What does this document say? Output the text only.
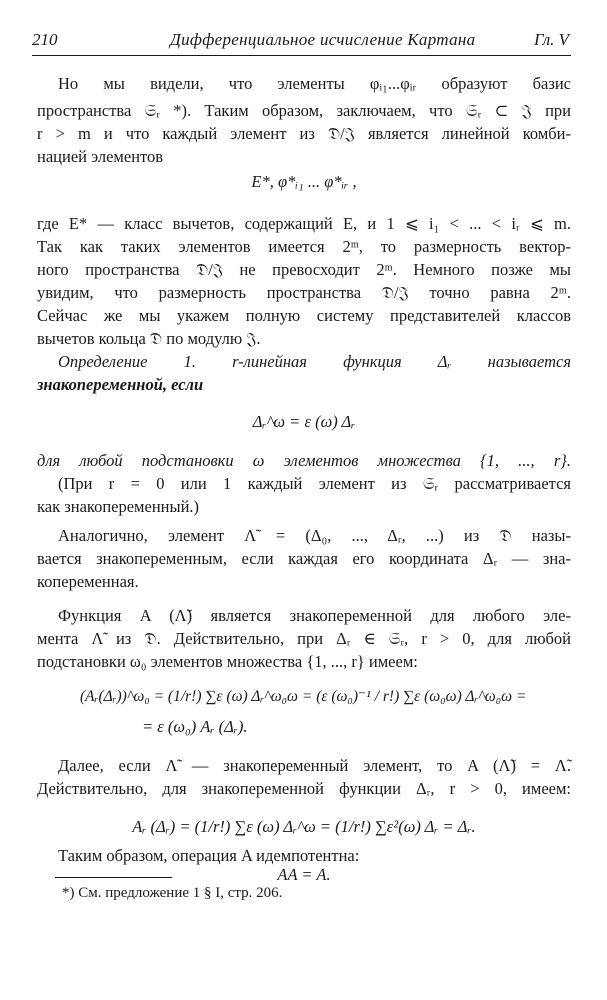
210	Дифференциальное исчисление Картана	Гл. V
Но мы видели, что элементы φᵢ₁...φᵢᵣ образуют базис
пространства 𝔖ᵣ *). Таким образом, заключаем, что 𝔖ᵣ ⊂ 𝔍 при
r > m и что каждый элемент из 𝔇/𝔍 является линейной комби-
нацией элементов
E*, φ*ᵢ₁ ... φ*ᵢᵣ ,
где E* — класс вычетов, содержащий E, и 1 ⩽ i₁ < ... < iᵣ ⩽ m.
Так как таких элементов имеется 2ᵐ, то размерность вектор-
ного пространства 𝔇/𝔍 не превосходит 2ᵐ. Немного позже мы
увидим, что размерность пространства 𝔇/𝔍 точно равна 2ᵐ.
Сейчас же мы укажем полную систему представителей классов
вычетов кольца 𝔇 по модулю 𝔍.
Определение 1. r-линейная функция Δᵣ называется
знакопеременной, если
Δᵣ^ω = ε (ω) Δᵣ
для любой подстановки ω элементов множества {1, ..., r}.
(При r = 0 или 1 каждый элемент из 𝔖ᵣ рассматривается
как знакопеременный.)
Аналогично, элемент Λ̃ = (Δ₀, ..., Δᵣ, ...) из 𝔇 назы-
вается знакопеременным, если каждая его координата Δᵣ — зна-
копеременная.
Функция A (Λ̃) является знакопеременной для любого эле-
мента Λ̃ из 𝔇. Действительно, при Δᵣ ∈ 𝔖ᵣ, r > 0, для любой
подстановки ω₀ элементов множества {1, ..., r} имеем:
(Aᵣ(Δᵣ))^ω₀ = (1/r!) ∑ε (ω) Δᵣ^ω₀ω = (ε (ω₀)⁻¹ / r!) ∑ε (ω₀ω) Δᵣ^ω₀ω =
= ε (ω₀) Aᵣ (Δᵣ).
Далее, если Λ̃ — знакопеременный элемент, то A (Λ̃) = Λ̃.
Действительно, для знакопеременной функции Δᵣ, r > 0, имеем:
Aᵣ (Δᵣ) = (1/r!) ∑ε (ω) Δᵣ^ω = (1/r!) ∑ε²(ω) Δᵣ = Δᵣ.
Таким образом, операция A идемпотентна:
AA = A.
*) См. предложение 1 § I, стр. 206.
